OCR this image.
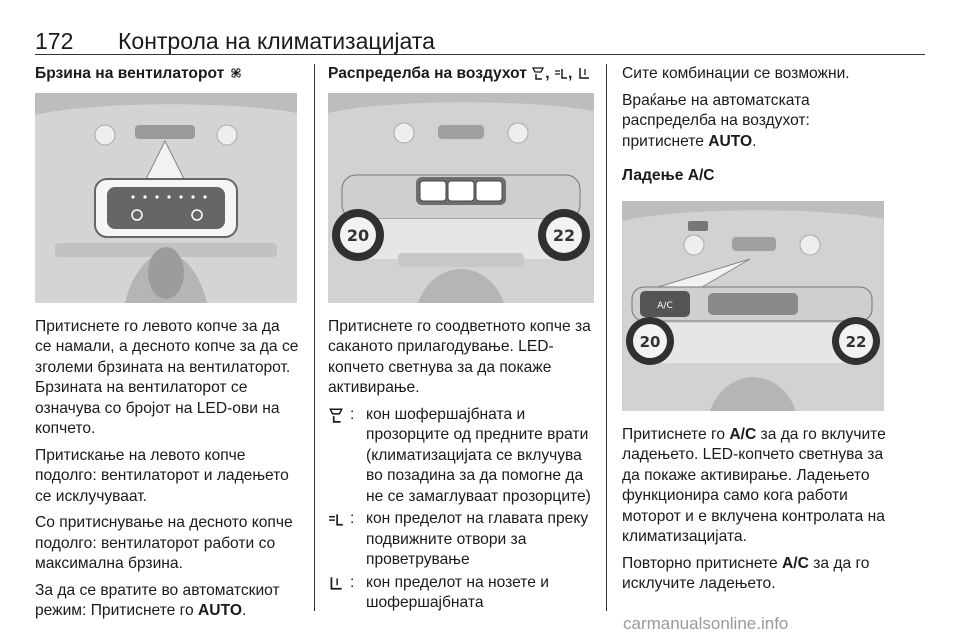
172 Контрола на климатизацијата
Брзина на вентилаторот

Притиснете го левото копче за да се намали, а десното копче за да се зголеми брзината на вентилаторот. Брзината на вентилаторот се означува со бројот на LED-ови на копчето.

Притискање на левото копче подолго: вентилаторот и ладењето се исклучуваат.

Со притиснување на десното копче подолго: вентилаторот работи со максимална брзина.

За да се вратите во автоматскиот режим: Притиснете го AUTO.

Распределба на воздухот , ,
20	22

Притиснете го соодветното копче за саканото прилагодување. LED-копчето светнува за да покаже активирање.

: кон шофершајбната и прозорците од предните врати (климатизацијата се вклучува во позадина за да помогне да не се замаглуваат прозорците)
: кон пределот на главата преку подвижните отвори за проветрување
: кон пределот на нозете и шофершајбната

Сите комбинации се возможни.

Враќање на автоматската распределба на воздухот: притиснете AUTO.

Ладење A/C
A/C
20	22

Притиснете го A/C за да го вклучите ладењето. LED-копчето светнува за да покаже активирање. Ладењето функционира само кога работи моторот и е вклучена контролата на климатизацијата.

Повторно притиснете A/C за да го исклучите ладењето.

carmanualsonline.info
